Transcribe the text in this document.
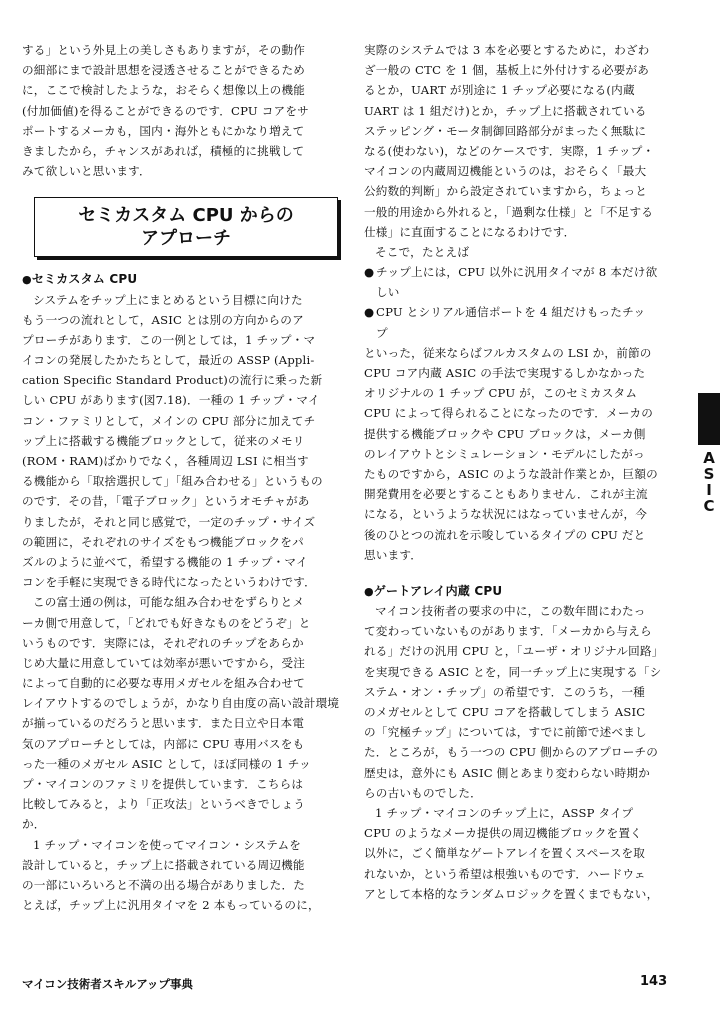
する」という外見上の美しさもありますが，その動作
の細部にまで設計思想を浸透させることができるため
に，ここで検討したような，おそらく想像以上の機能
(付加価値)を得ることができるのです．CPU コアをサ
ポートするメーカも，国内・海外ともにかなり増えて
きましたから，チャンスがあれば，積極的に挑戦して
みて欲しいと思います．
セミカスタム CPU からの
アプローチ
●セミカスタム CPU
システムをチップ上にまとめるという目標に向けた
もう一つの流れとして，ASIC とは別の方向からのア
プローチがあります．この一例としては，1 チップ・マ
イコンの発展したかたちとして，最近の ASSP (Appli-
cation Specific Standard Product)の流行に乗った新
しい CPU があります(図7.18)．一種の 1 チップ・マイ
コン・ファミリとして，メインの CPU 部分に加えてチ
ップ上に搭載する機能ブロックとして，従来のメモリ
(ROM・RAM)ばかりでなく，各種周辺 LSI に相当す
る機能から「取捨選択して」「組み合わせる」というもの
のです．その昔，「電子ブロック」というオモチャがあ
りましたが，それと同じ感覚で，一定のチップ・サイズ
の範囲に，それぞれのサイズをもつ機能ブロックをパ
ズルのように並べて，希望する機能の 1 チップ・マイ
コンを手軽に実現できる時代になったというわけです．
この富士通の例は，可能な組み合わせをずらりとメ
ーカ側で用意して，「どれでも好きなものをどうぞ」と
いうものです．実際には，それぞれのチップをあらか
じめ大量に用意していては効率が悪いですから，受注
によって自動的に必要な専用メガセルを組み合わせて
レイアウトするのでしょうが，かなり自由度の高い設計環境
が揃っているのだろうと思います．また日立や日本電
気のアプローチとしては，内部に CPU 専用バスをも
った一種のメガセル ASIC として，ほぼ同様の 1 チッ
プ・マイコンのファミリを提供しています．こちらは
比較してみると，より「正攻法」というべきでしょう
か．
1 チップ・マイコンを使ってマイコン・システムを
設計していると，チップ上に搭載されている周辺機能
の一部にいろいろと不満の出る場合がありました．た
とえば，チップ上に汎用タイマを 2 本もっているのに，
実際のシステムでは 3 本を必要とするために，わざわ
ざ一般の CTC を 1 個，基板上に外付けする必要があ
るとか，UART が別途に 1 チップ必要になる(内蔵
UART は 1 組だけ)とか，チップ上に搭載されている
ステッピング・モータ制御回路部分がまったく無駄に
なる(使わない)，などのケースです．実際，1 チップ・
マイコンの内蔵周辺機能というのは，おそらく「最大
公約数的判断」から設定されていますから，ちょっと
一般的用途から外れると，「過剰な仕様」と「不足する
仕様」に直面することになるわけです．
そこで，たとえば
● チップ上には，CPU 以外に汎用タイマが 8 本だけ欲
しい
● CPU とシリアル通信ポートを 4 組だけもったチッ
プ
といった，従来ならばフルカスタムの LSI か，前節の
CPU コア内蔵 ASIC の手法で実現するしかなかった
オリジナルの 1 チップ CPU が，このセミカスタム
CPU によって得られることになったのです．メーカの
提供する機能ブロックや CPU ブロックは，メーカ側
のレイアウトとシミュレーション・モデルにしたがっ
たものですから，ASIC のような設計作業とか，巨額の
開発費用を必要とすることもありません．これが主流
になる，というような状況にはなっていませんが，今
後のひとつの流れを示唆しているタイプの CPU だと
思います．
●ゲートアレイ内蔵 CPU
マイコン技術者の要求の中に，この数年間にわたっ
て変わっていないものがあります．「メーカから与えら
れる」だけの汎用 CPU と，「ユーザ・オリジナル回路」
を実現できる ASIC とを，同一チップ上に実現する「シ
ステム・オン・チップ」の希望です．このうち，一種
のメガセルとして CPU コアを搭載してしまう ASIC
の「究極チップ」については，すでに前節で述べまし
た．ところが，もう一つの CPU 側からのアプローチの
歴史は，意外にも ASIC 側とあまり変わらない時期か
らの古いものでした．
1 チップ・マイコンのチップ上に，ASSP タイプ
CPU のようなメーカ提供の周辺機能ブロックを置く
以外に，ごく簡単なゲートアレイを置くスペースを取
れないか，という希望は根強いものです．ハードウェ
アとして本格的なランダムロジックを置くまでもない，
A
S
I
C
マイコン技術者スキルアップ事典	143
